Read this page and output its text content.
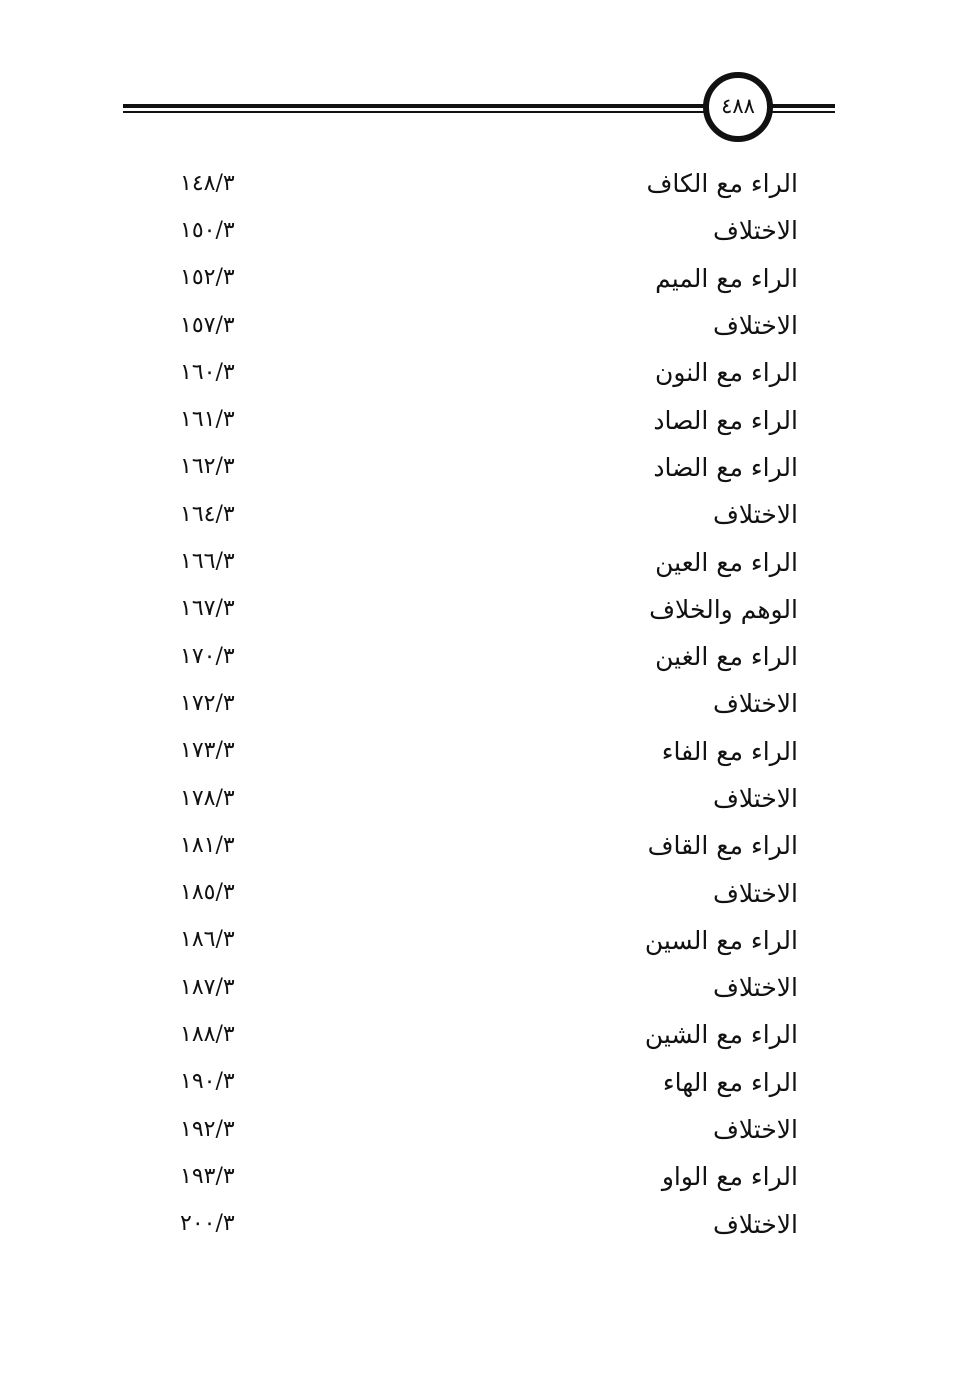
٤٨٨
الراء مع الكاف
١٤٨/٣
الاختلاف
١٥٠/٣
الراء مع الميم
١٥٢/٣
الاختلاف
١٥٧/٣
الراء مع النون
١٦٠/٣
الراء مع الصاد
١٦١/٣
الراء مع الضاد
١٦٢/٣
الاختلاف
١٦٤/٣
الراء مع العين
١٦٦/٣
الوهم والخلاف
١٦٧/٣
الراء مع الغين
١٧٠/٣
الاختلاف
١٧٢/٣
الراء مع الفاء
١٧٣/٣
الاختلاف
١٧٨/٣
الراء مع القاف
١٨١/٣
الاختلاف
١٨٥/٣
الراء مع السين
١٨٦/٣
الاختلاف
١٨٧/٣
الراء مع الشين
١٨٨/٣
الراء مع الهاء
١٩٠/٣
الاختلاف
١٩٢/٣
الراء مع الواو
١٩٣/٣
الاختلاف
٢٠٠/٣
